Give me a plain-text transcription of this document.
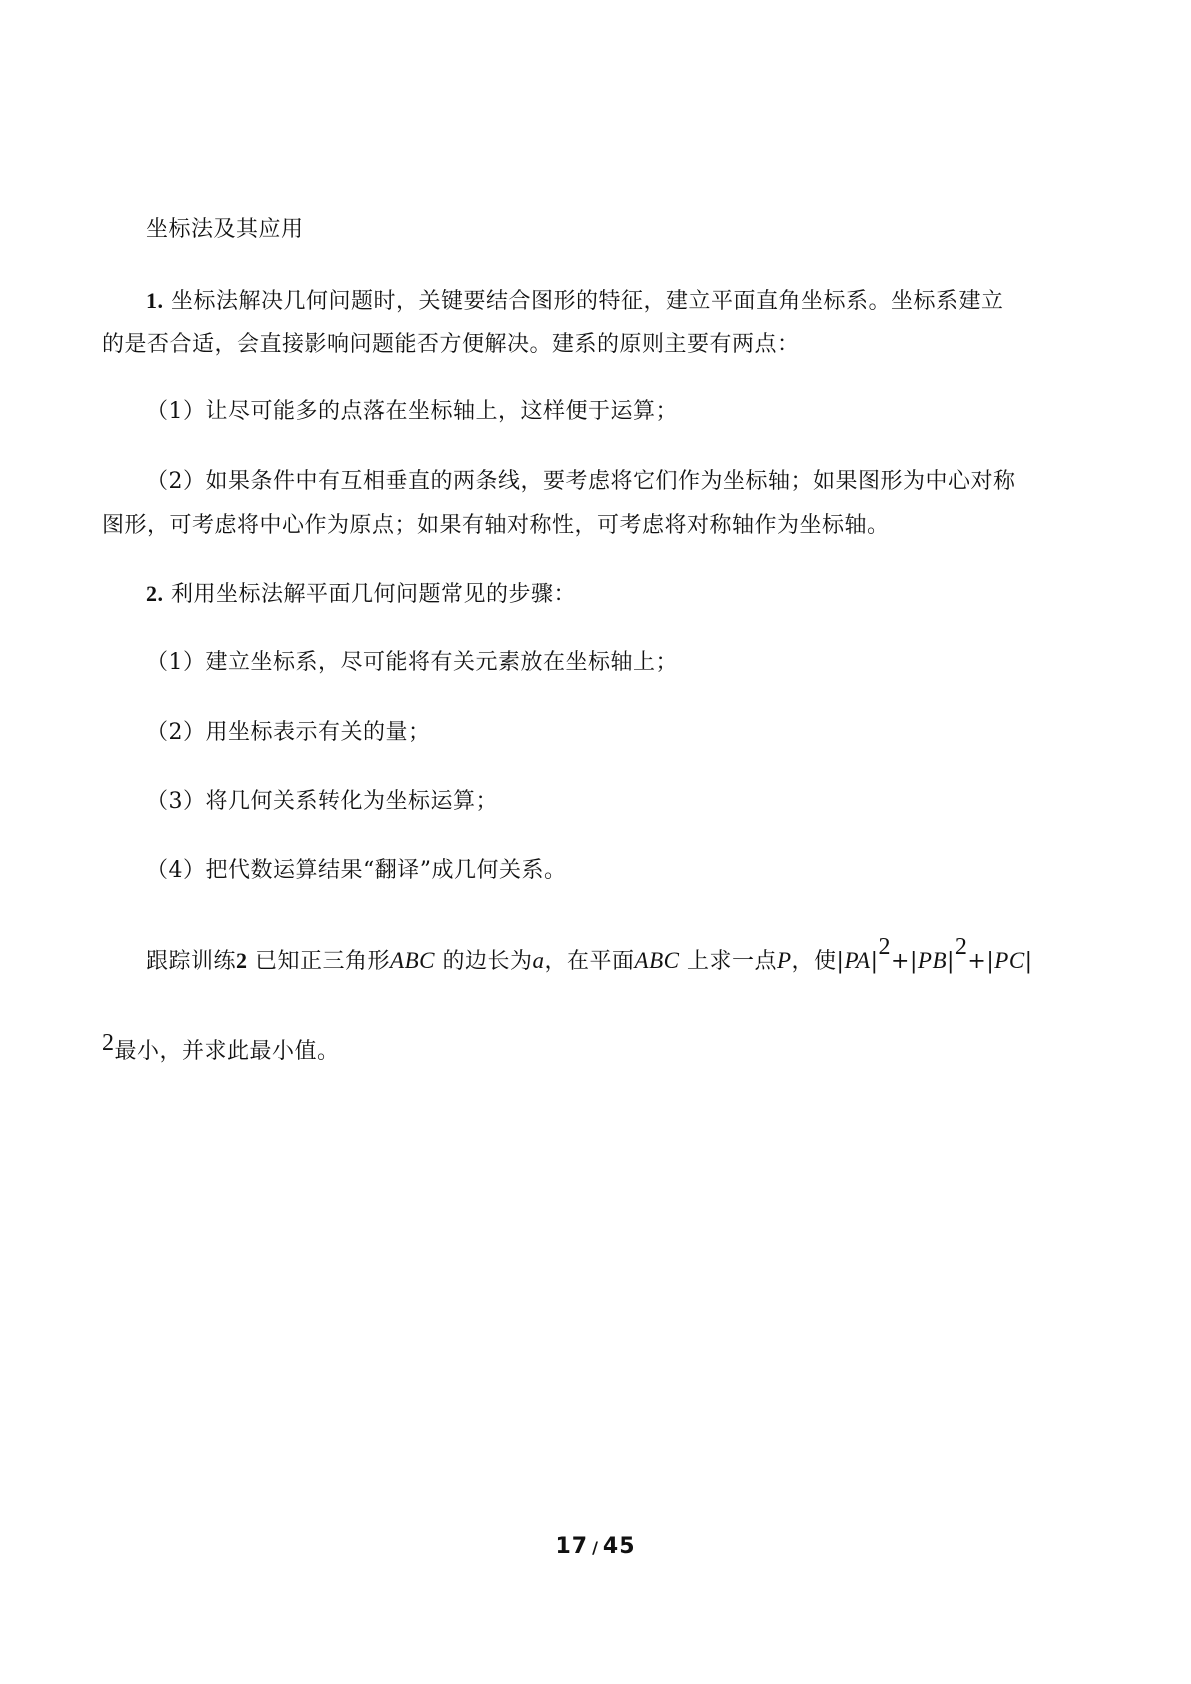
坐标法及其应用
1. 坐标法解决几何问题时，关键要结合图形的特征，建立平面直角坐标系。坐标系建立
的是否合适，会直接影响问题能否方便解决。建系的原则主要有两点：
（1）让尽可能多的点落在坐标轴上，这样便于运算；
（2）如果条件中有互相垂直的两条线，要考虑将它们作为坐标轴；如果图形为中心对称
图形，可考虑将中心作为原点；如果有轴对称性，可考虑将对称轴作为坐标轴。
2. 利用坐标法解平面几何问题常见的步骤：
（1）建立坐标系，尽可能将有关元素放在坐标轴上；
（2）用坐标表示有关的量；
（3）将几何关系转化为坐标运算；
（4）把代数运算结果“翻译”成几何关系。
跟踪训练2 已知正三角形ABC 的边长为a，在平面ABC 上求一点P，使|PA|2+|PB|2+|PC|
2最小，并求此最小值。
17 / 45
